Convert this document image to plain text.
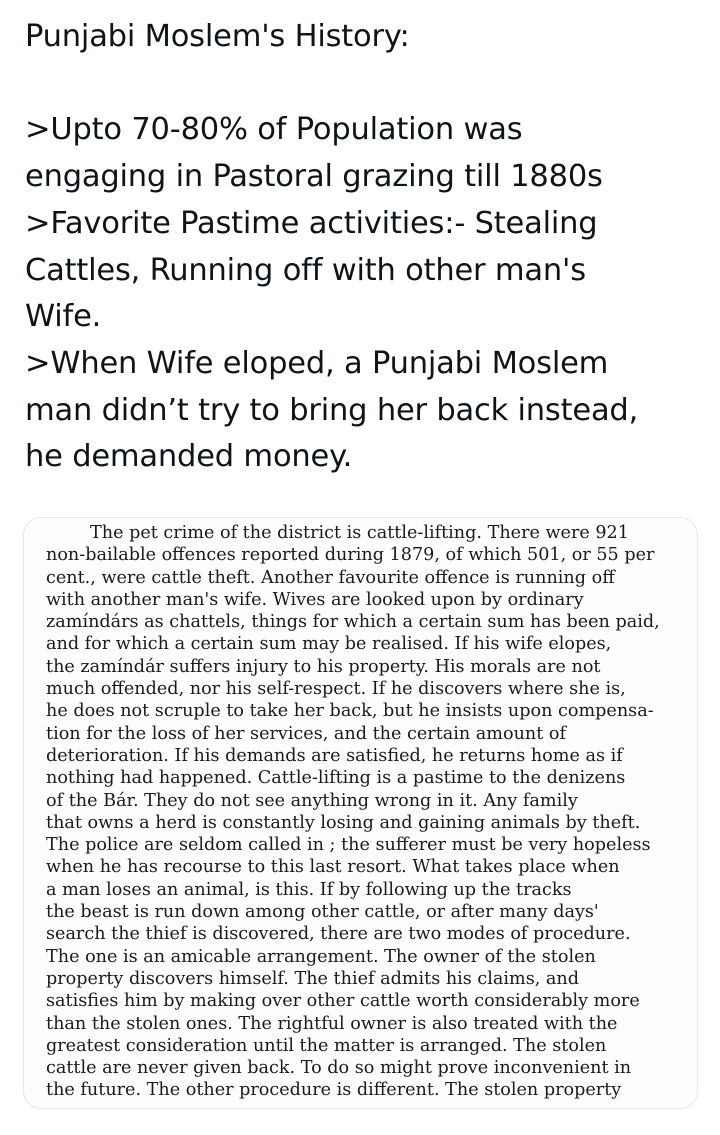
Punjabi Moslem's History:
>Upto 70-80% of Population was
engaging in Pastoral grazing till 1880s
>Favorite Pastime activities:- Stealing
Cattles, Running off with other man's
Wife.
>When Wife eloped, a Punjabi Moslem
man didn’t try to bring her back instead,
he demanded money.
The pet crime of the district is cattle-lifting. There were 921
non-bailable offences reported during 1879, of which 501, or 55 per
cent., were cattle theft. Another favourite offence is running off
with another man's wife. Wives are looked upon by ordinary
zamíndárs as chattels, things for which a certain sum has been paid,
and for which a certain sum may be realised. If his wife elopes,
the zamíndár suffers injury to his property. His morals are not
much offended, nor his self-respect. If he discovers where she is,
he does not scruple to take her back, but he insists upon compensa-
tion for the loss of her services, and the certain amount of
deterioration. If his demands are satisfied, he returns home as if
nothing had happened. Cattle-lifting is a pastime to the denizens
of the Bár. They do not see anything wrong in it. Any family
that owns a herd is constantly losing and gaining animals by theft.
The police are seldom called in ; the sufferer must be very hopeless
when he has recourse to this last resort. What takes place when
a man loses an animal, is this. If by following up the tracks
the beast is run down among other cattle, or after many days'
search the thief is discovered, there are two modes of procedure.
The one is an amicable arrangement. The owner of the stolen
property discovers himself. The thief admits his claims, and
satisfies him by making over other cattle worth considerably more
than the stolen ones. The rightful owner is also treated with the
greatest consideration until the matter is arranged. The stolen
cattle are never given back. To do so might prove inconvenient in
the future. The other procedure is different. The stolen property
